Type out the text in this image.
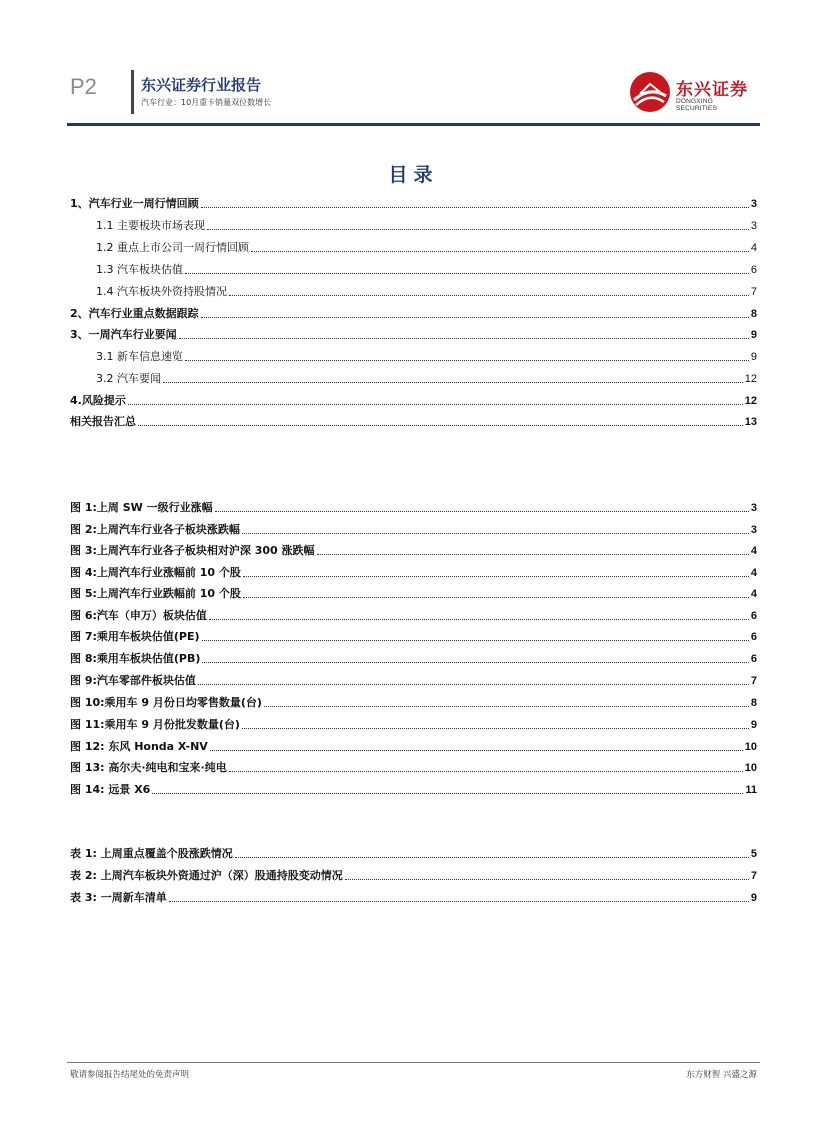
P2	东兴证券行业报告
汽车行业：10月重卡销量双位数增长
东兴证券
DONGXING SECURITIES
目录
1、汽车行业一周行情回顾	3
1.1 主要板块市场表现	3
1.2 重点上市公司一周行情回顾	4
1.3 汽车板块估值	6
1.4 汽车板块外资持股情况	7
2、汽车行业重点数据跟踪	8
3、一周汽车行业要闻	9
3.1 新车信息速览	9
3.2 汽车要闻	12
4.风险提示	12
相关报告汇总	13
图 1:上周 SW 一级行业涨幅	3
图 2:上周汽车行业各子板块涨跌幅	3
图 3:上周汽车行业各子板块相对沪深 300 涨跌幅	4
图 4:上周汽车行业涨幅前 10 个股	4
图 5:上周汽车行业跌幅前 10 个股	4
图 6:汽车（申万）板块估值	6
图 7:乘用车板块估值(PE)	6
图 8:乘用车板块估值(PB)	6
图 9:汽车零部件板块估值	7
图 10:乘用车 9 月份日均零售数量(台)	8
图 11:乘用车 9 月份批发数量(台)	9
图 12: 东风 Honda X-NV	10
图 13: 高尔夫·纯电和宝来·纯电	10
图 14: 远景 X6	11
表 1: 上周重点覆盖个股涨跌情况	5
表 2: 上周汽车板块外资通过沪（深）股通持股变动情况	7
表 3: 一周新车清单	9
敬请参阅报告结尾处的免责声明	东方财智 兴盛之源
